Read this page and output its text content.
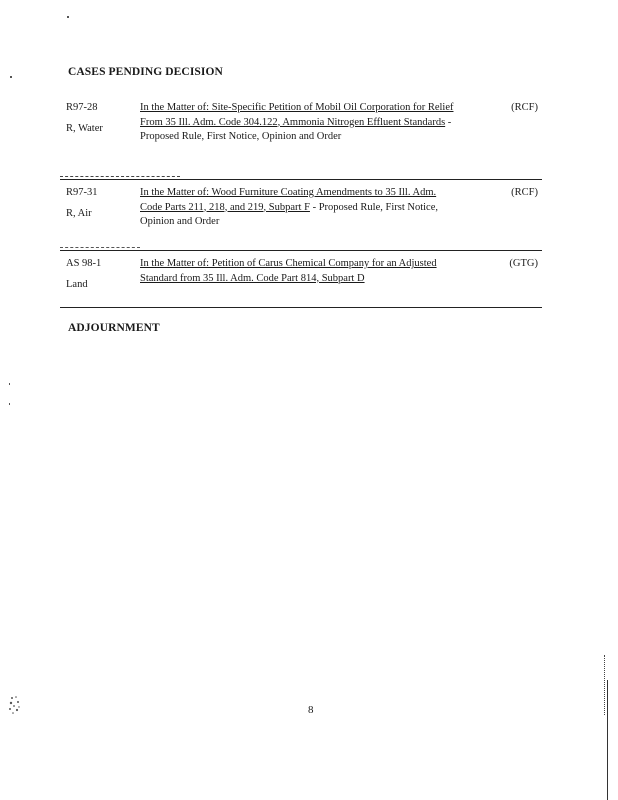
CASES PENDING DECISION
R97-28
R, Water
In the Matter of: Site-Specific Petition of Mobil Oil Corporation for Relief From 35 Ill. Adm. Code 304.122, Ammonia Nitrogen Effluent Standards - Proposed Rule, First Notice, Opinion and Order
(RCF)
R97-31
R, Air
In the Matter of: Wood Furniture Coating Amendments to 35 Ill. Adm. Code Parts 211, 218, and 219, Subpart F - Proposed Rule, First Notice, Opinion and Order
(RCF)
AS 98-1
Land
In the Matter of: Petition of Carus Chemical Company for an Adjusted Standard from 35 Ill. Adm. Code Part 814, Subpart D
(GTG)
ADJOURNMENT
8
